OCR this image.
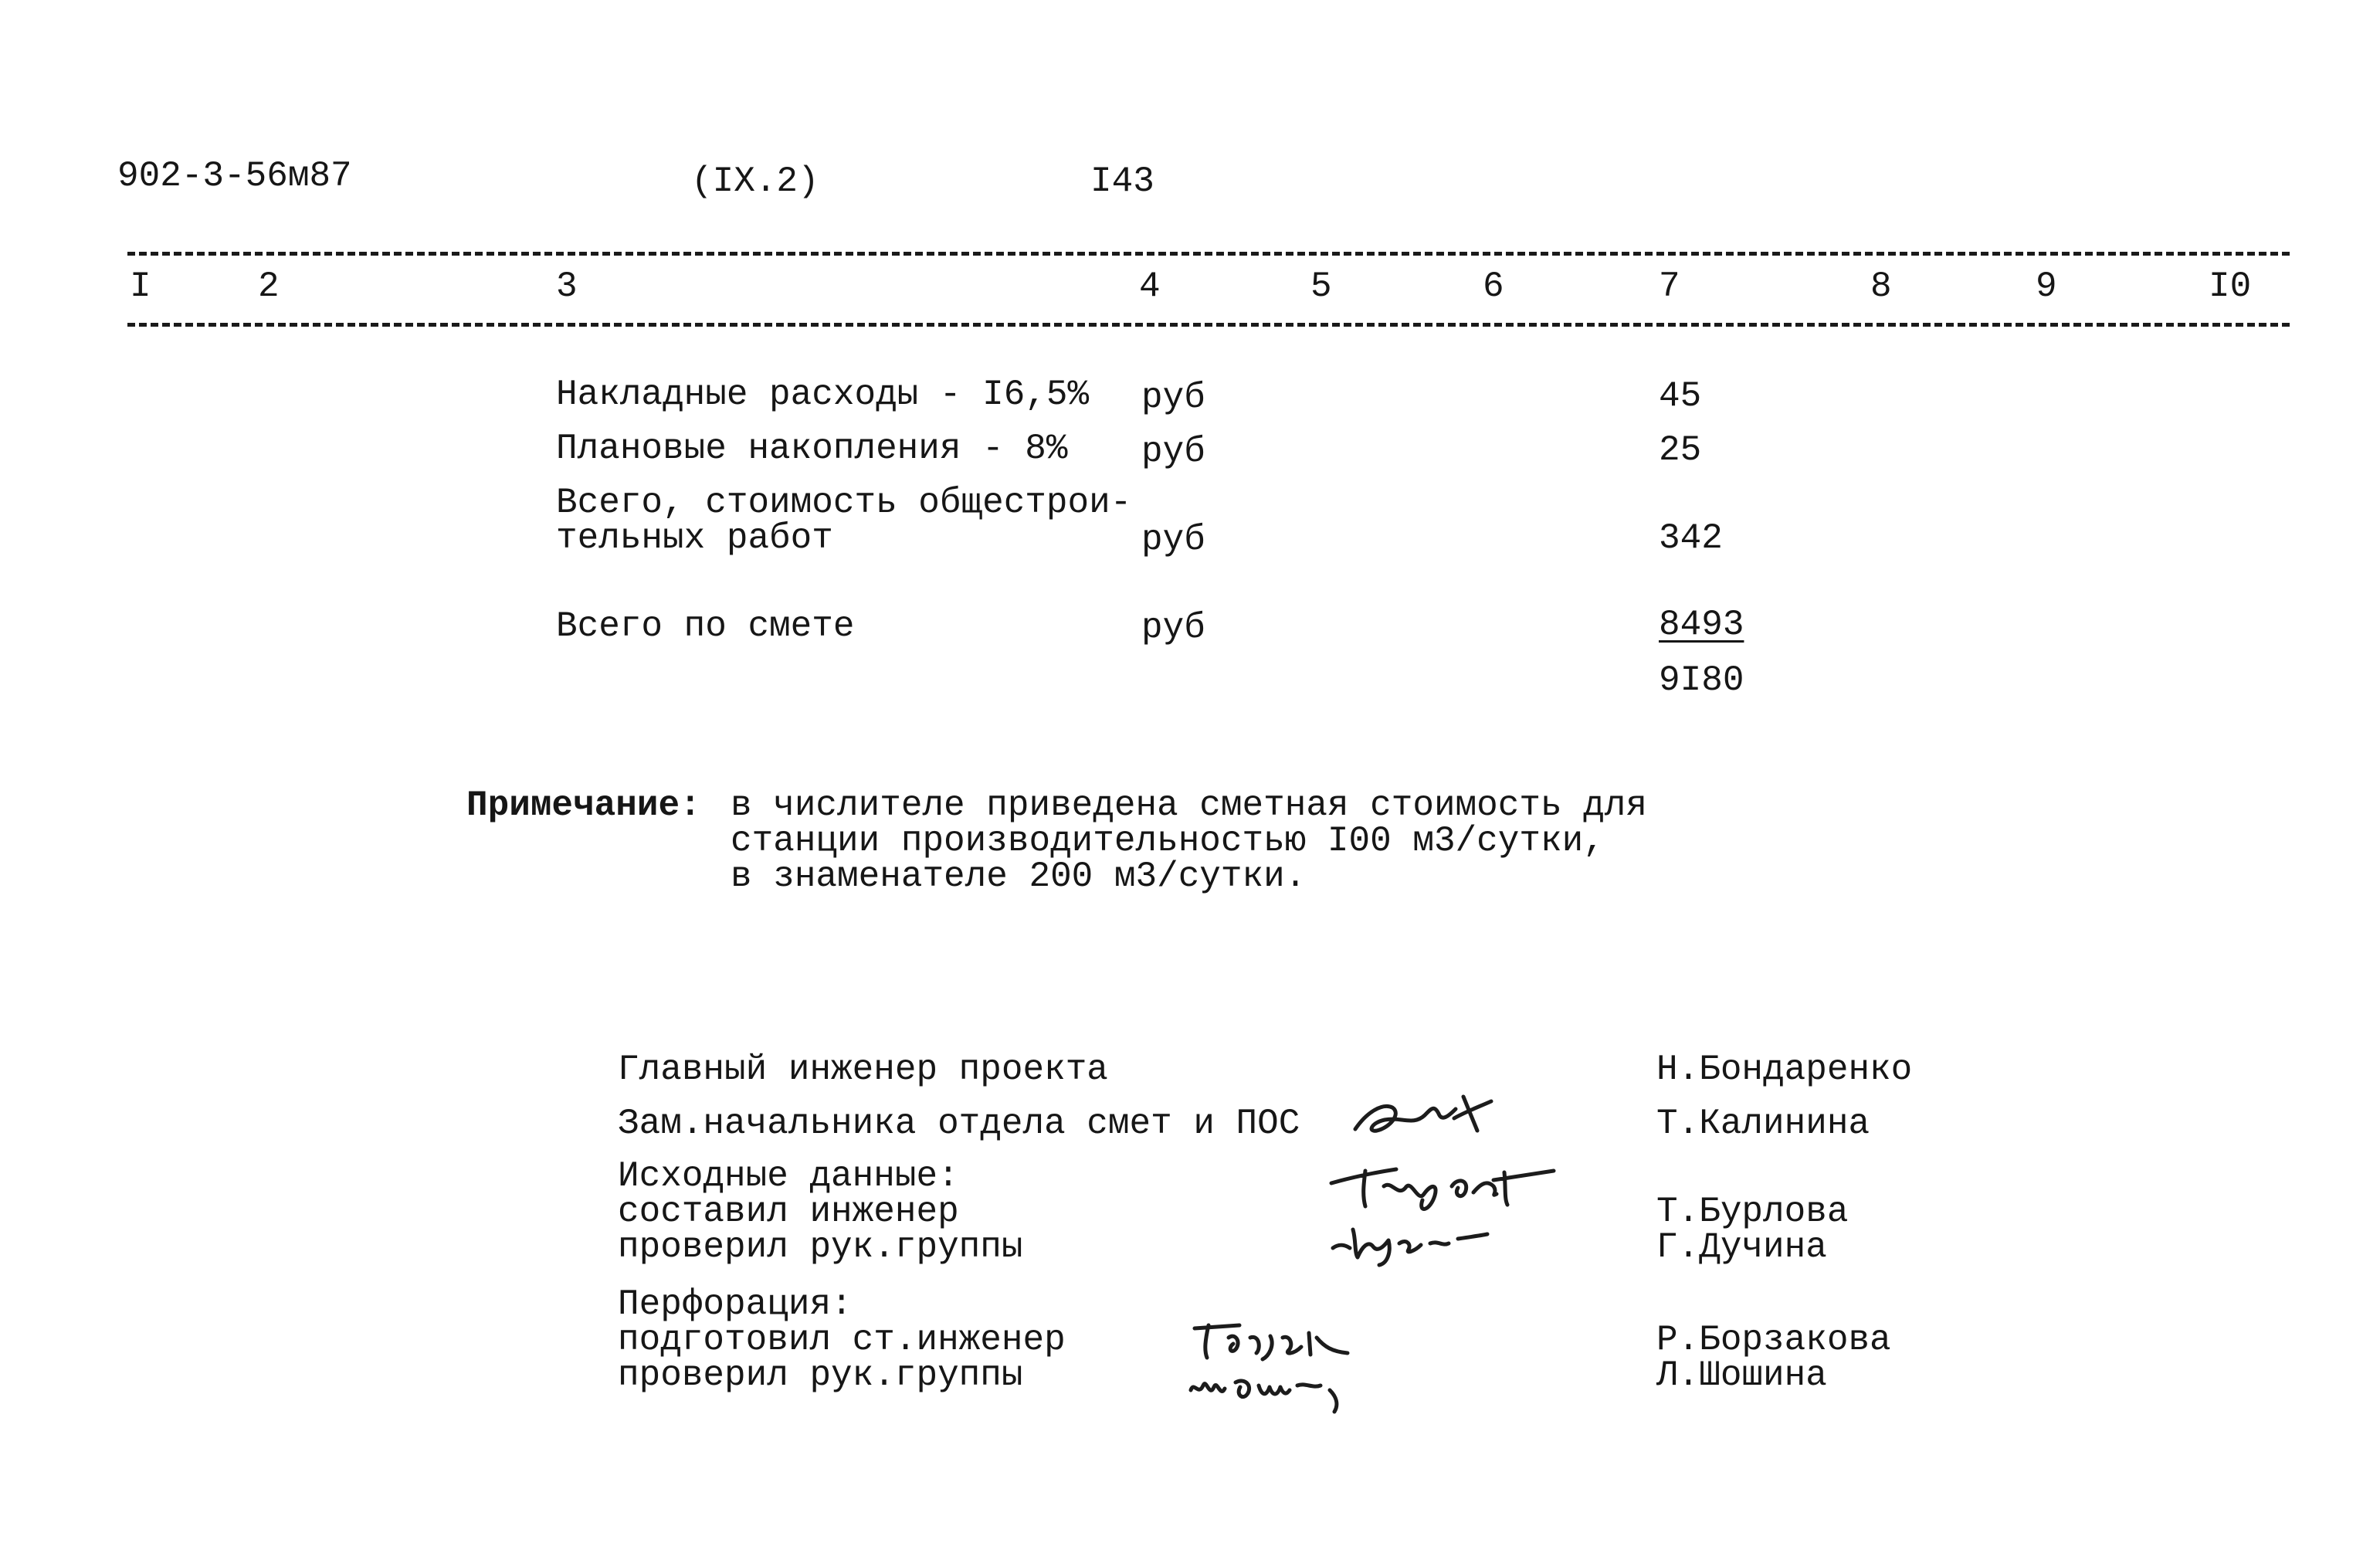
902-3-56м87	(IX.2)	I43
I	2	3	4	5	6	7	8	9	I0
Накладные расходы - I6,5% руб	45
Плановые накопления - 8% руб	25
Всего, стоимость общестрои-
тельных работ	руб	342
Всего по смете	руб	8493
9I80
Примечание: в числителе приведена сметная стоимость для
станции производительностью I00 м3/сутки,
в знаменателе 200 м3/сутки.
Главный инженер проекта	Н.Бондаренко
Зам.начальника отдела смет и ПОС	Т.Калинина
Исходные данные:
составил инженер	Т.Бурлова
проверил рук.группы	Г.Дучина
Перфорация:
подготовил ст.инженер	Р.Борзакова
проверил рук.группы	Л.Шошина
